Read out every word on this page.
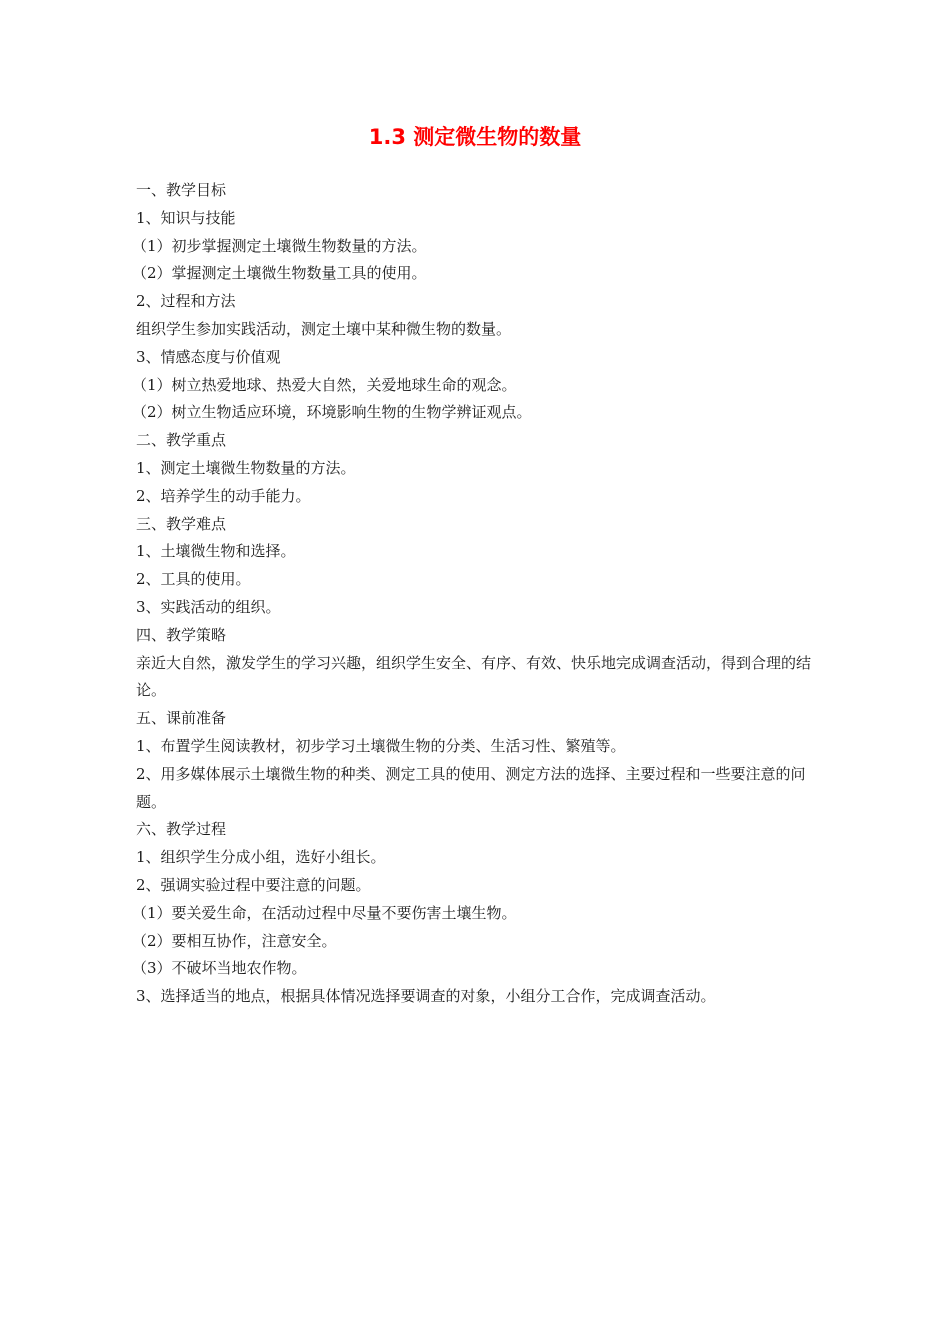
1.3 测定微生物的数量

一、教学目标

1、知识与技能

（1）初步掌握测定土壤微生物数量的方法。

（2）掌握测定土壤微生物数量工具的使用。

2、过程和方法

组织学生参加实践活动，测定土壤中某种微生物的数量。

3、情感态度与价值观

（1）树立热爱地球、热爱大自然，关爱地球生命的观念。

（2）树立生物适应环境，环境影响生物的生物学辨证观点。

二、教学重点

1、测定土壤微生物数量的方法。

2、培养学生的动手能力。

三、教学难点

1、土壤微生物和选择。

2、工具的使用。

3、实践活动的组织。

四、教学策略

亲近大自然，激发学生的学习兴趣，组织学生安全、有序、有效、快乐地完成调查活动，得到合理的结论。

五、课前准备

1、布置学生阅读教材，初步学习土壤微生物的分类、生活习性、繁殖等。

2、用多媒体展示土壤微生物的种类、测定工具的使用、测定方法的选择、主要过程和一些要注意的问题。

六、教学过程

1、组织学生分成小组，选好小组长。

2、强调实验过程中要注意的问题。

（1）要关爱生命，在活动过程中尽量不要伤害土壤生物。

（2）要相互协作，注意安全。

（3）不破坏当地农作物。

3、选择适当的地点，根据具体情况选择要调查的对象，小组分工合作，完成调查活动。
